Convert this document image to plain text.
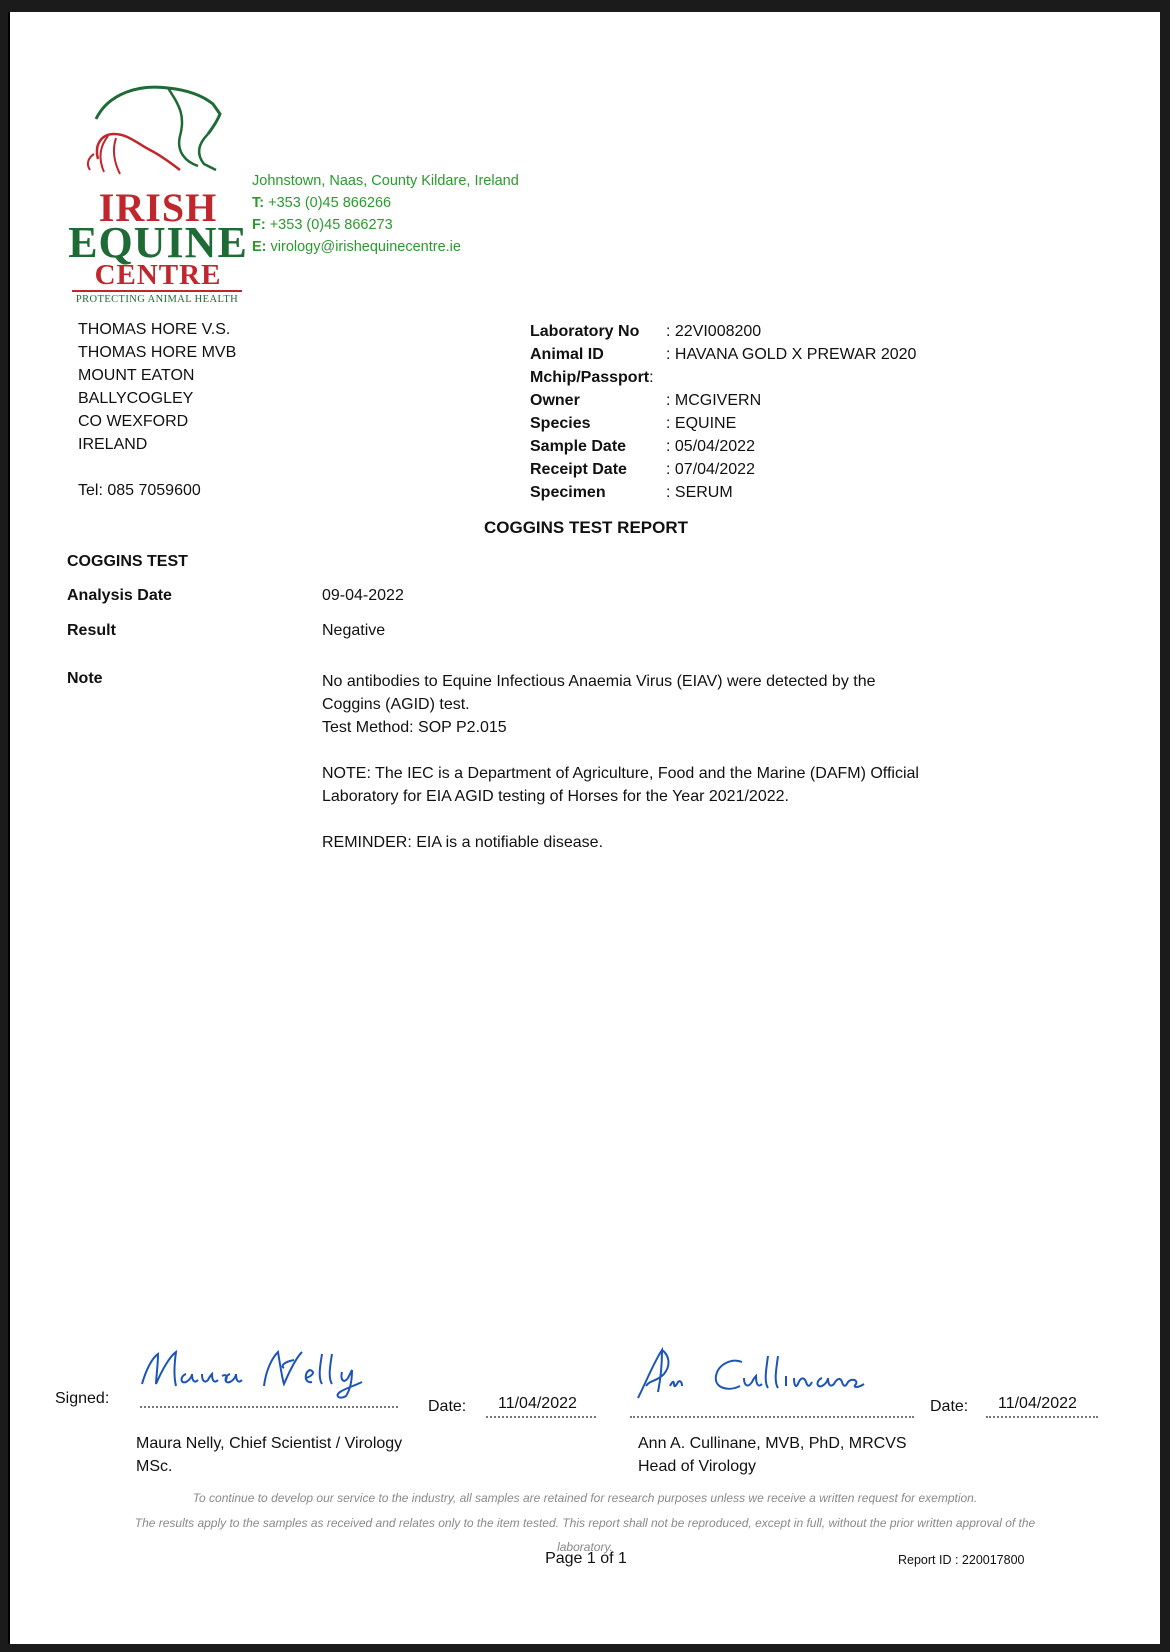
IRISH
EQUINE
CENTRE
PROTECTING ANIMAL HEALTH
Johnstown, Naas, County Kildare, Ireland
T: +353 (0)45 866266
F: +353 (0)45 866273
E: virology@irishequinecentre.ie
THOMAS HORE V.S.
THOMAS HORE MVB
MOUNT EATON
BALLYCOGLEY
CO WEXFORD
IRELAND
Tel: 085 7059600
Laboratory No	: 22VI008200
Animal ID	: HAVANA GOLD X PREWAR 2020
Mchip/Passport :
Owner	: MCGIVERN
Species	: EQUINE
Sample Date	: 05/04/2022
Receipt Date	: 07/04/2022
Specimen	: SERUM
COGGINS TEST REPORT
COGGINS TEST
Analysis Date	09-04-2022
Result	Negative
Note	No antibodies to Equine Infectious Anaemia Virus (EIAV) were detected by the Coggins (AGID) test.
Test Method: SOP P2.015

NOTE: The IEC is a Department of Agriculture, Food and the Marine (DAFM) Official Laboratory for EIA AGID testing of Horses for the Year 2021/2022.

REMINDER: EIA is a notifiable disease.

Signed:	Date: 11/04/2022	Date: 11/04/2022
Maura Nelly, Chief Scientist / Virology
MSc.
Ann A. Cullinane, MVB, PhD, MRCVS
Head of Virology
To continue to develop our service to the industry, all samples are retained for research purposes unless we receive a written request for exemption.
The results apply to the samples as received and relates only to the item tested. This report shall not be reproduced, except in full, without the prior written approval of the laboratory.
Page 1 of 1	Report ID : 220017800
